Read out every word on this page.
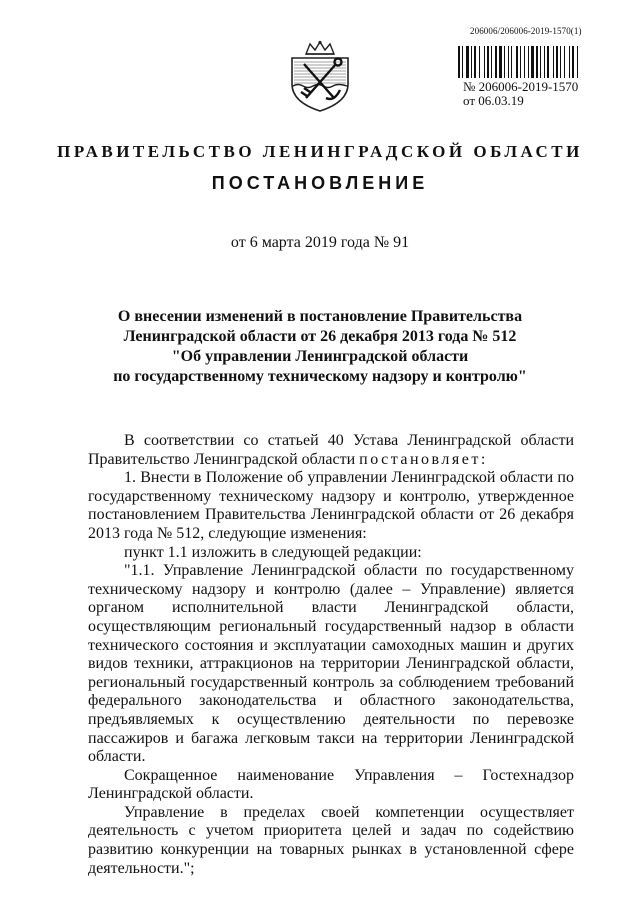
206006/206006-2019-1570(1)
№ 206006-2019-1570
от 06.03.19
ПРАВИТЕЛЬСТВО ЛЕНИНГРАДСКОЙ ОБЛАСТИ
ПОСТАНОВЛЕНИЕ
от 6 марта 2019 года № 91
О внесении изменений в постановление Правительства
Ленинградской области от 26 декабря 2013 года № 512
"Об управлении Ленинградской области
по государственному техническому надзору и контролю"

В соответствии со статьей 40 Устава Ленинградской области Правительство Ленинградской области постановляет:

1. Внести в Положение об управлении Ленинградской области по государственному техническому надзору и контролю, утвержденное постановлением Правительства Ленинградской области от 26 декабря 2013 года № 512, следующие изменения:

пункт 1.1 изложить в следующей редакции:

"1.1. Управление Ленинградской области по государственному техническому надзору и контролю (далее – Управление) является органом исполнительной власти Ленинградской области, осуществляющим региональный государственный надзор в области технического состояния и эксплуатации самоходных машин и других видов техники, аттракционов на территории Ленинградской области, региональный государственный контроль за соблюдением требований федерального законодательства и областного законодательства, предъявляемых к осуществлению деятельности по перевозке пассажиров и багажа легковым такси на территории Ленинградской области.

Сокращенное наименование Управления – Гостехнадзор Ленинградской области.

Управление в пределах своей компетенции осуществляет деятельность с учетом приоритета целей и задач по содействию развитию конкуренции на товарных рынках в установленной сфере деятельности.";
